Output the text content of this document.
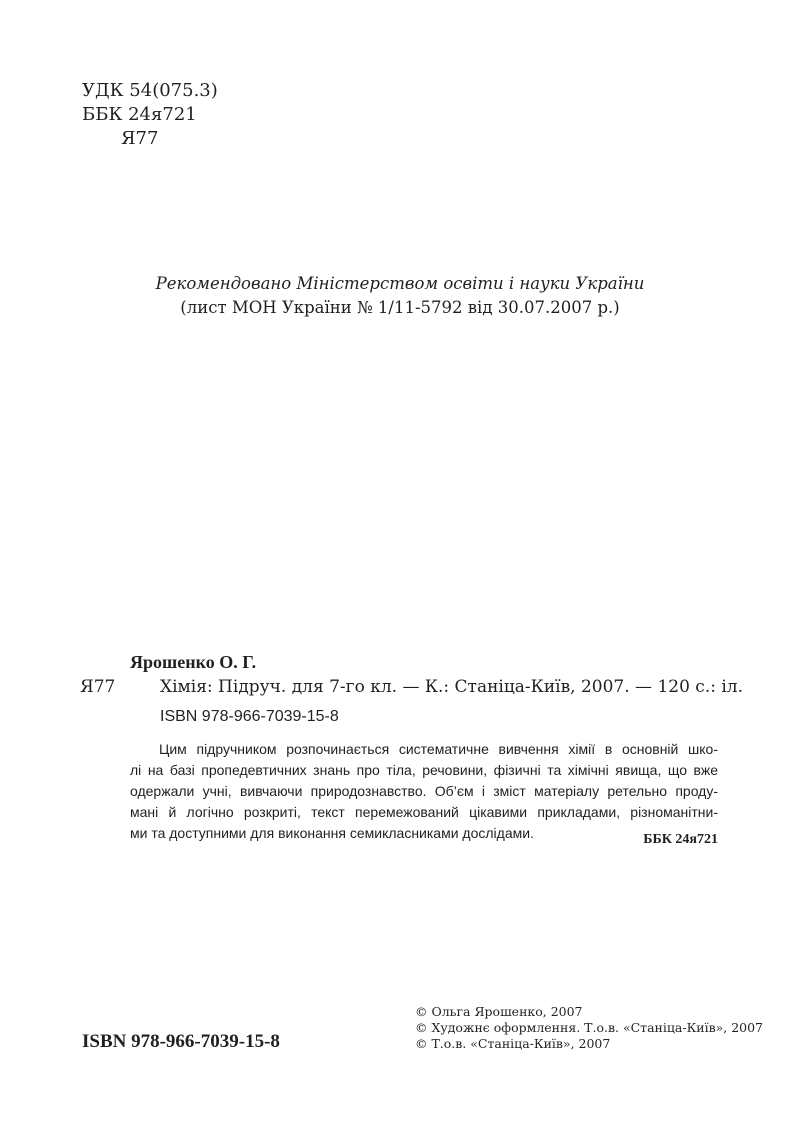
УДК 54(075.3)
ББК 24я721
Я77
Рекомендовано Міністерством освіти і науки України
(лист МОН України № 1/11-5792 від 30.07.2007 р.)
Ярошенко О. Г.
Я77	Хімія: Підруч. для 7-го кл. — К.: Станіца-Київ, 2007. — 120 с.: іл.
ISBN 978-966-7039-15-8
Цим підручником розпочинається систематичне вивчення хімії в основній шко-
лі на базі пропедевтичних знань про тіла, речовини, фізичні та хімічні явища, що вже
одержали учні, вивчаючи природознавство. Об’єм і зміст матеріалу ретельно проду-
мані й логічно розкриті, текст перемежований цікавими прикладами, різноманітни-
ми та доступними для виконання семикласниками дослідами.	ББК 24я721
ISBN 978-966-7039-15-8
© Ольга Ярошенко, 2007
© Художнє оформлення. Т.о.в. «Станіца-Київ», 2007
© Т.о.в. «Станіца-Київ», 2007
